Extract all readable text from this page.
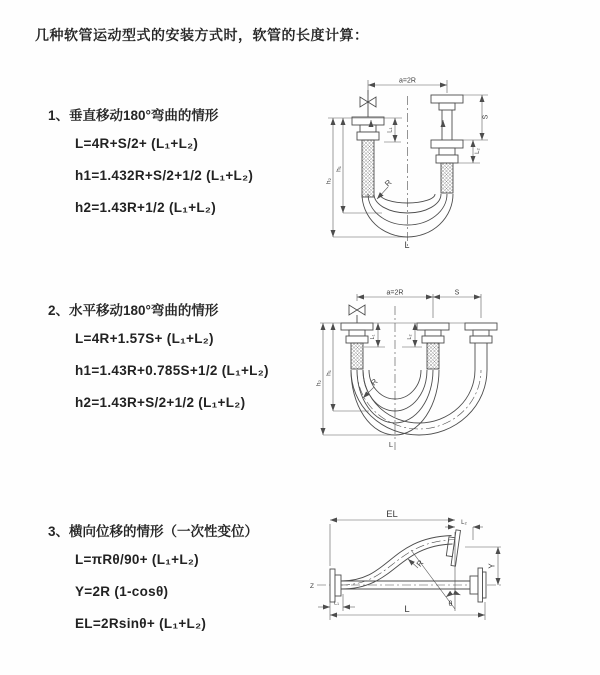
几种软管运动型式的安装方式时，软管的长度计算：
1、垂直移动180°弯曲的情形
L=4R+S/2+ (L₁+L₂)
h1=1.432R+S/2+1/2 (L₁+L₂)
h2=1.43R+1/2 (L₁+L₂)
2、水平移动180°弯曲的情形
L=4R+1.57S+ (L₁+L₂)
h1=1.43R+0.785S+1/2 (L₁+L₂)
h2=1.43R+S/2+1/2 (L₁+L₂)
3、横向位移的情形（一次性变位）
L=πRθ/90+ (L₁+L₂)
Y=2R (1-cosθ)
EL=2Rsinθ+ (L₁+L₂)
a=2R
h₂
h₁
L₁
S
L₂
R
L
a=2R	S
h₂
h₁
L₁	L₂
R
L
EL
L₂
Y
L
L₁
R
θ
Z
